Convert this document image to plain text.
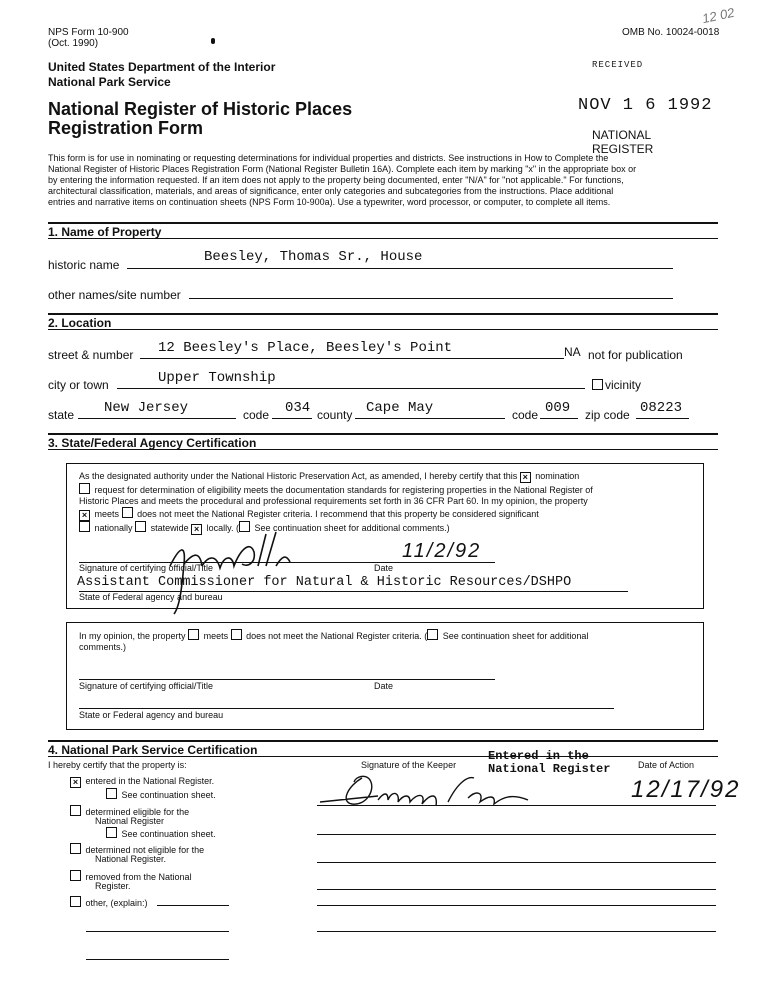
NPS Form 10-900
(Oct. 1990)
OMB No. 10024-0018
12 02
United States Department of the Interior
National Park Service
RECEIVED
National Register of Historic Places
Registration Form
NOV 1 6 1992
NATIONAL
REGISTER
This form is for use in nominating or requesting determinations for individual properties and districts. See instructions in How to Complete the
National Register of Historic Places Registration Form (National Register Bulletin 16A). Complete each item by marking "x" in the appropriate box or
by entering the information requested. If an item does not apply to the property being documented, enter "N/A" for "not applicable." For functions,
architectural classification, materials, and areas of significance, enter only categories and subcategories from the instructions. Place additional
entries and narrative items on continuation sheets (NPS Form 10-900a). Use a typewriter, word processor, or computer, to complete all items.
1. Name of Property
historic name	Beesley, Thomas Sr., House
other names/site number
2. Location
street & number 12 Beesley's Place, Beesley's Point	NA not for publication
city or town	Upper Township	vicinity
state New Jersey	code 034 county Cape May	code 009 zip code 08223
3. State/Federal Agency Certification
As the designated authority under the National Historic Preservation Act, as amended, I hereby certify that this × nomination
request for determination of eligibility meets the documentation standards for registering properties in the National Register of
Historic Places and meets the procedural and professional requirements set forth in 36 CFR Part 60. In my opinion, the property
× meets does not meet the National Register criteria. I recommend that this property be considered significant
nationally statewide × locally. ( See continuation sheet for additional comments.)
11/2/92
Signature of certifying official/Title	Date
Assistant Commissioner for Natural & Historic Resources/DSHPO
State of Federal agency and bureau
In my opinion, the property meets does not meet the National Register criteria. ( See continuation sheet for additional
comments.)
Signature of certifying official/Title	Date
State or Federal agency and bureau
4. National Park Service Certification
I hereby certify that the property is:	Signature of the Keeper	Date of Action
Entered in the
National Register
12/17/92
× entered in the National Register.
See continuation sheet.
determined eligible for the
National Register
See continuation sheet.
determined not eligible for the
National Register.
removed from the National
Register.
other, (explain:)
